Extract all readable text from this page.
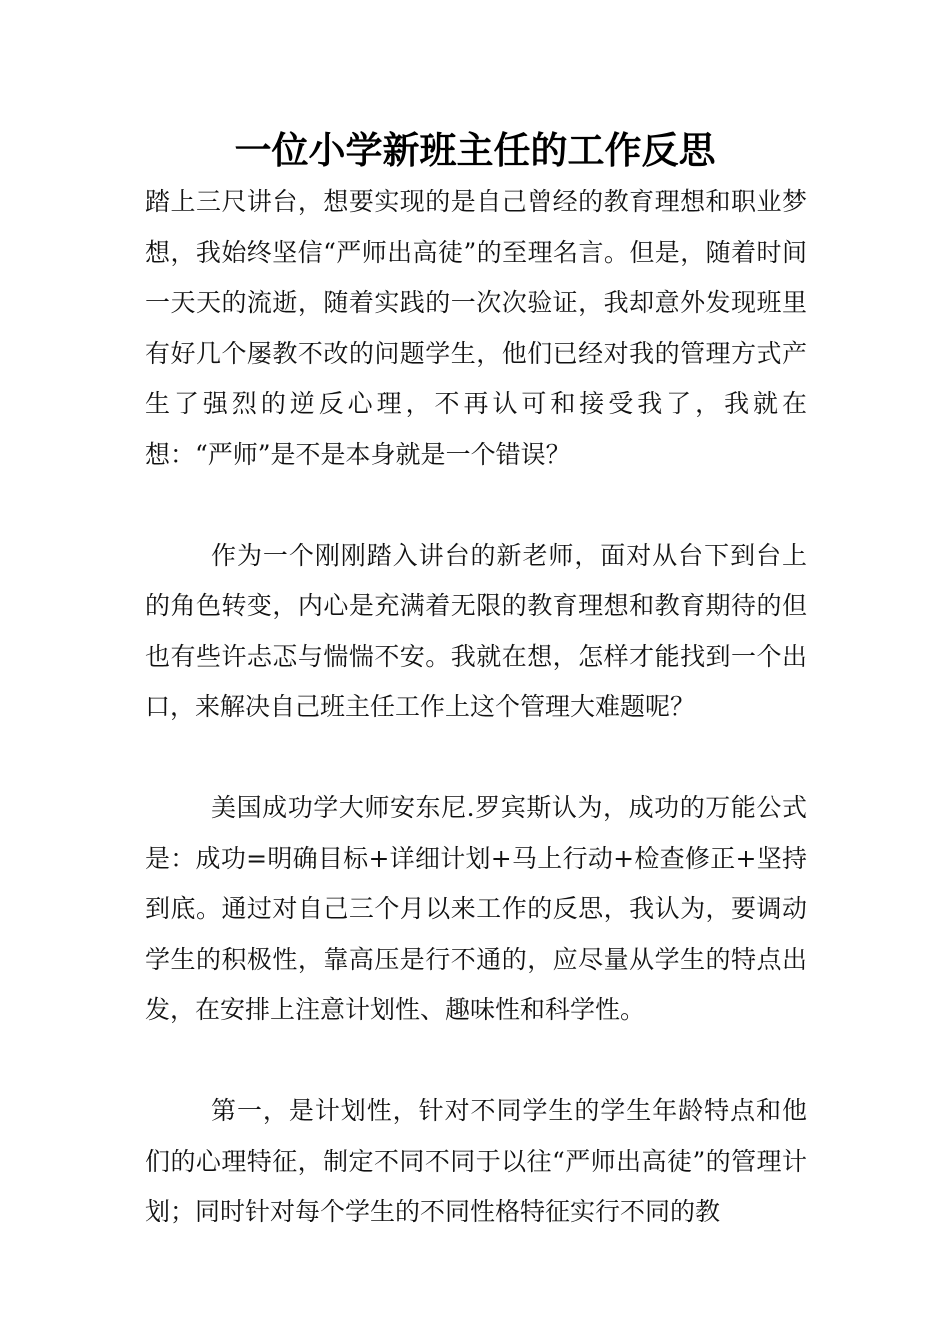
一位小学新班主任的工作反思

踏上三尺讲台，想要实现的是自己曾经的教育理想和职业梦想，我始终坚信“严师出高徒”的至理名言。但是，随着时间一天天的流逝，随着实践的一次次验证，我却意外发现班里有好几个屡教不改的问题学生，他们已经对我的管理方式产生了强烈的逆反心理，不再认可和接受我了，我就在想：“严师”是不是本身就是一个错误？

作为一个刚刚踏入讲台的新老师，面对从台下到台上的角色转变，内心是充满着无限的教育理想和教育期待的但也有些许忐忑与惴惴不安。我就在想，怎样才能找到一个出口，来解决自己班主任工作上这个管理大难题呢？

美国成功学大师安东尼.罗宾斯认为，成功的万能公式是：成功=明确目标+详细计划+马上行动+检查修正+坚持到底。通过对自己三个月以来工作的反思，我认为，要调动学生的积极性，靠高压是行不通的，应尽量从学生的特点出发，在安排上注意计划性、趣味性和科学性。

第一，是计划性，针对不同学生的学生年龄特点和他们的心理特征，制定不同不同于以往“严师出高徒”的管理计划；同时针对每个学生的不同性格特征实行不同的教
